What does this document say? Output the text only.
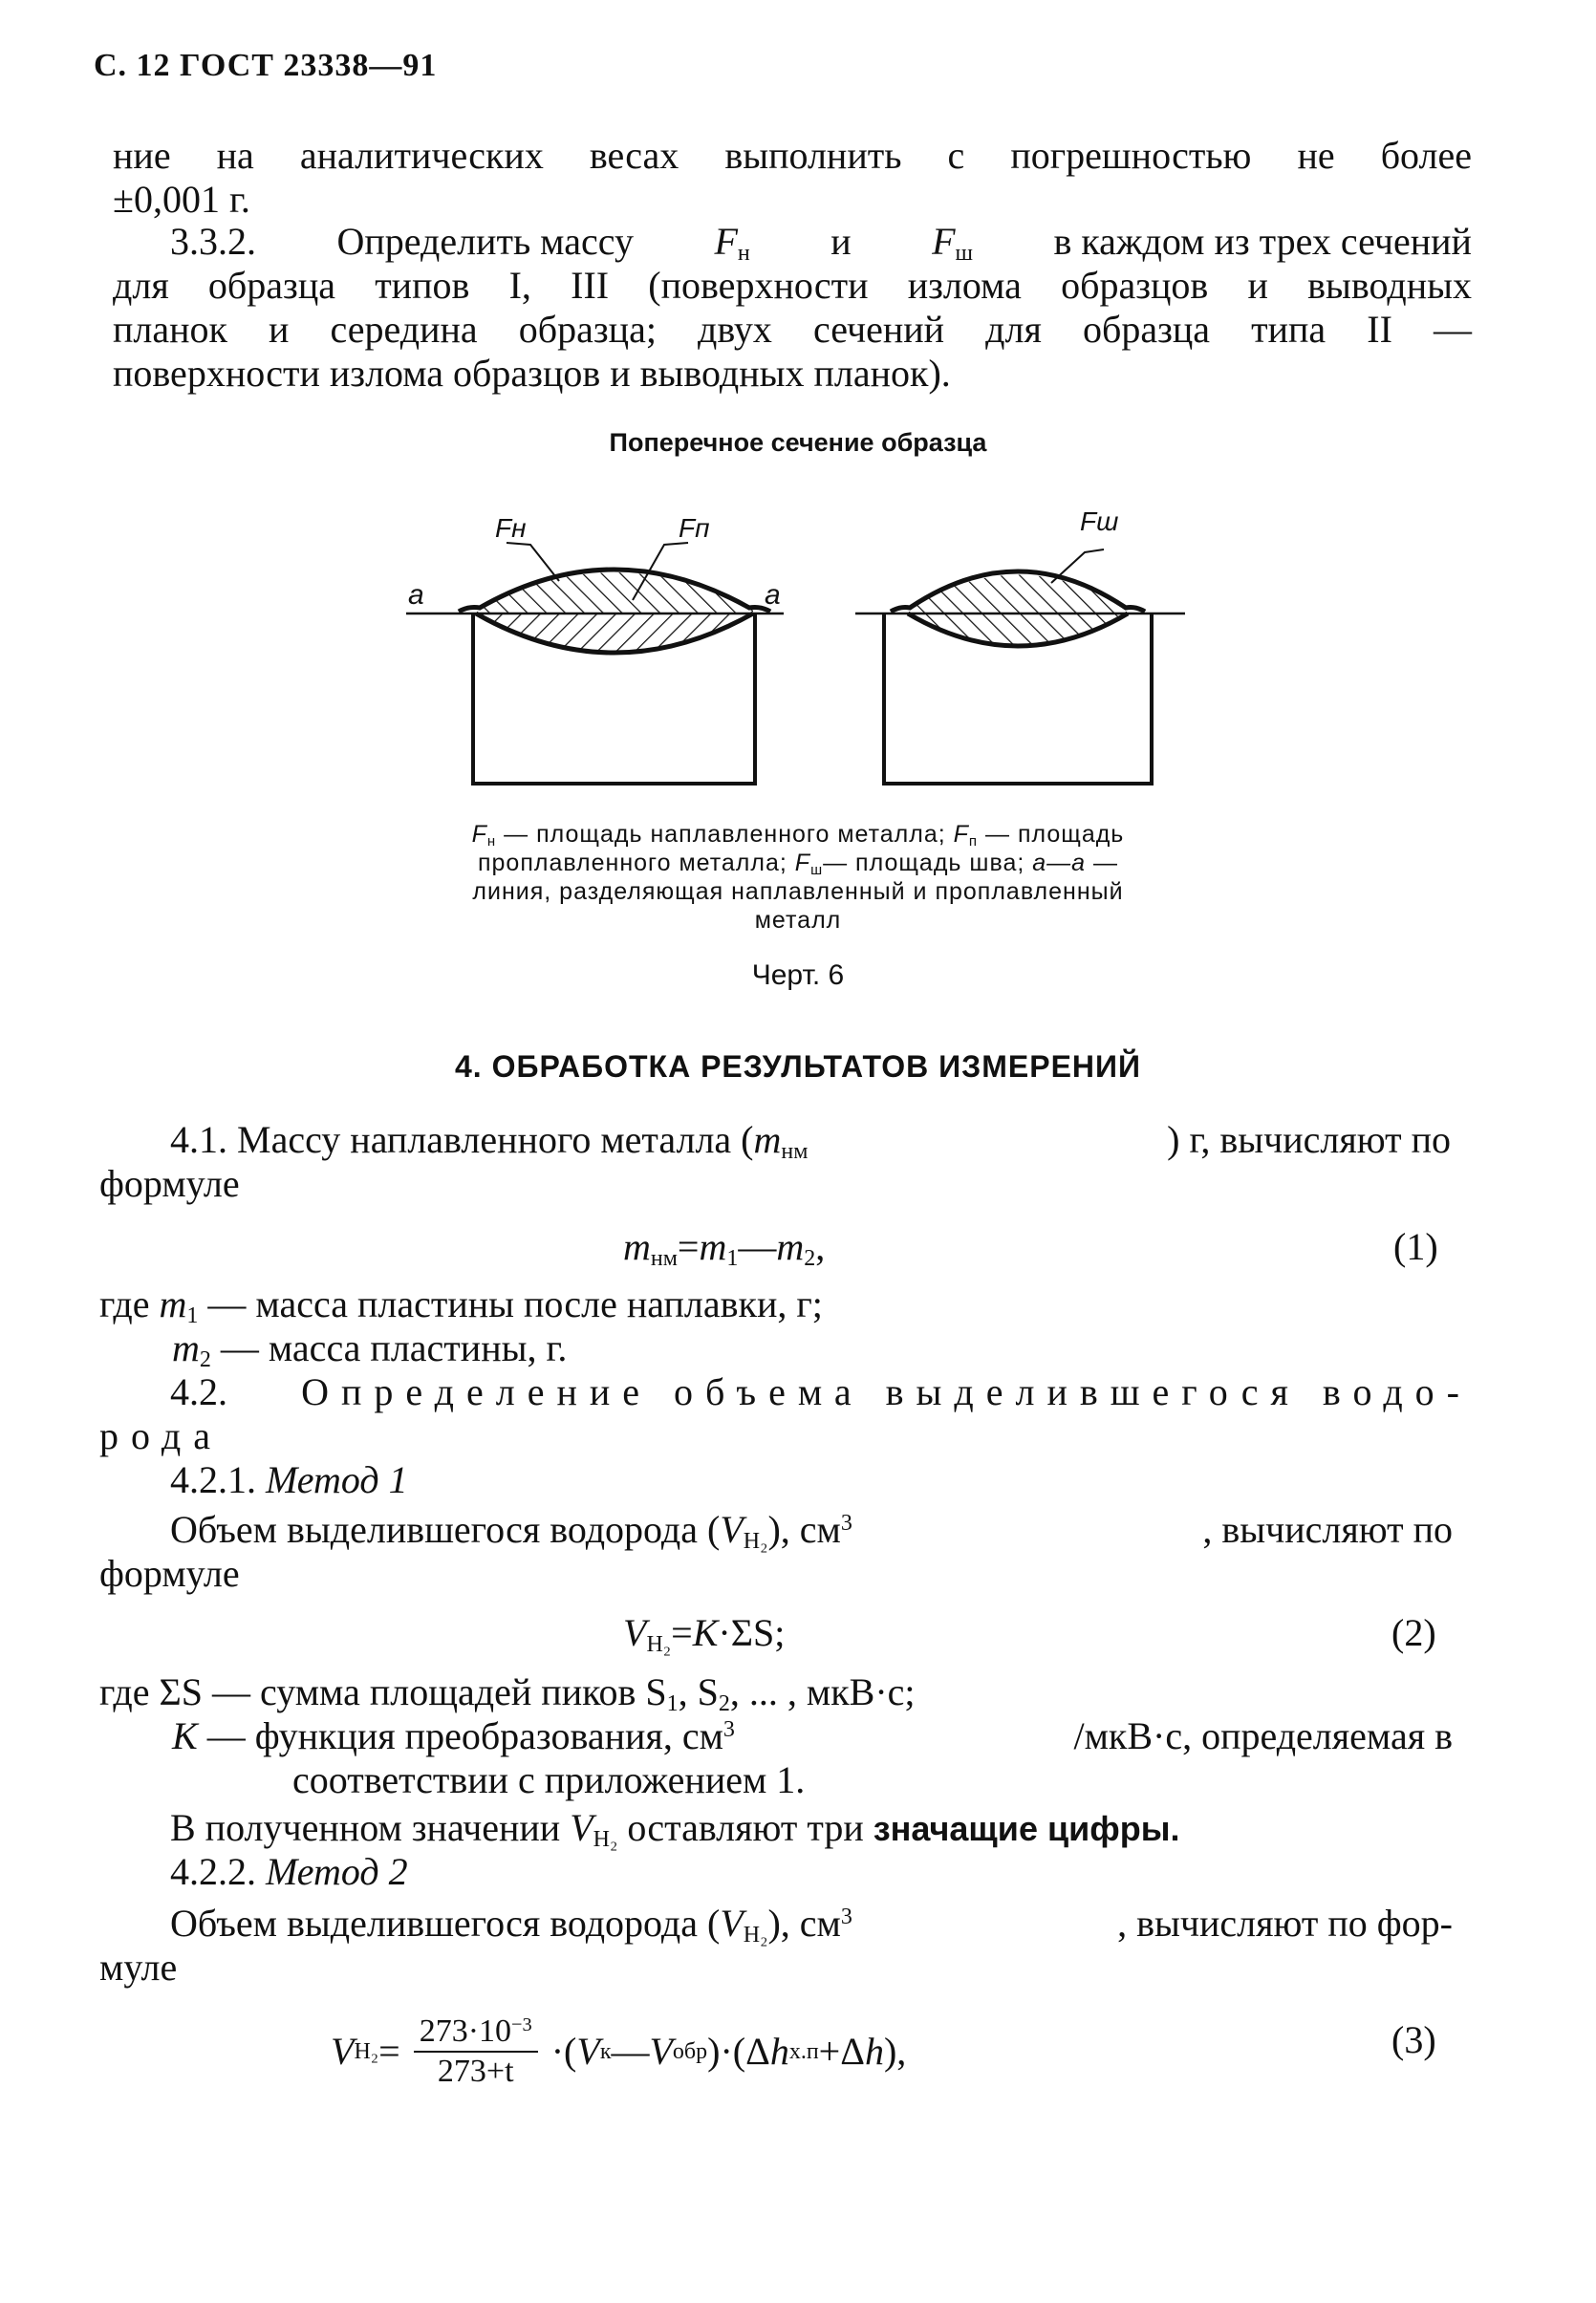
С. 12 ГОСТ 23338—91
ние на аналитических весах выполнить с погрешностью не более
±0,001 г.
3.3.2. Определить массу $F_н$ и $F_ш$ в каждом из трех сечений
для образца типов I, III (поверхности излома образцов и выводных
планок и середина образца; двух сечений для образца типа II —
поверхности излома образцов и выводных планок).
Поперечное сечение образца
Fн	Fп
a	a
Fш
$F_н$ — площадь наплавленного металла; $F_п$ — площадь
проплавленного металла; $F_ш—$ площадь шва; a—a —
линия, разделяющая наплавленный и проплавленный
металл
Черт. 6
4. ОБРАБОТКА РЕЗУЛЬТАТОВ ИЗМЕРЕНИЙ
4.1. Массу наплавленного металла ($m_{нм}$	) г, вычисляют по
формуле
$m_{нм}=m_1—m_2$,	(1)
где $m_1$ — масса пластины после наплавки, г;
$m_2$ — масса пластины, г.
4.2. Определение объема выделившегося водо-
рода
4.2.1. Метод 1
Объем выделившегося водорода $(V_{H_2})$, $см^3$	, вычисляют по
формуле
$V_{H_2}=K\cdot\Sigma S$;	(2)
где ΣS — сумма площадей пиков $S_1$, $S_2$, ... , мкВ·с;
K — функция преобразования, $см^3$	/мкВ·с, определяемая в
соответствии с приложением 1.
В полученном значении $V_{H_2}$ оставляют три значащие цифры.
4.2.2. Метод 2
Объем выделившегося водорода $(V_{H_2})$, $см^3$	, вычисляют по фор-
муле
V $H_2 = \frac{273\cdot 10^{-3}}{273+t}$ ·( V к — V обр )·(Δ h х.п +Δ h ),	(3)
